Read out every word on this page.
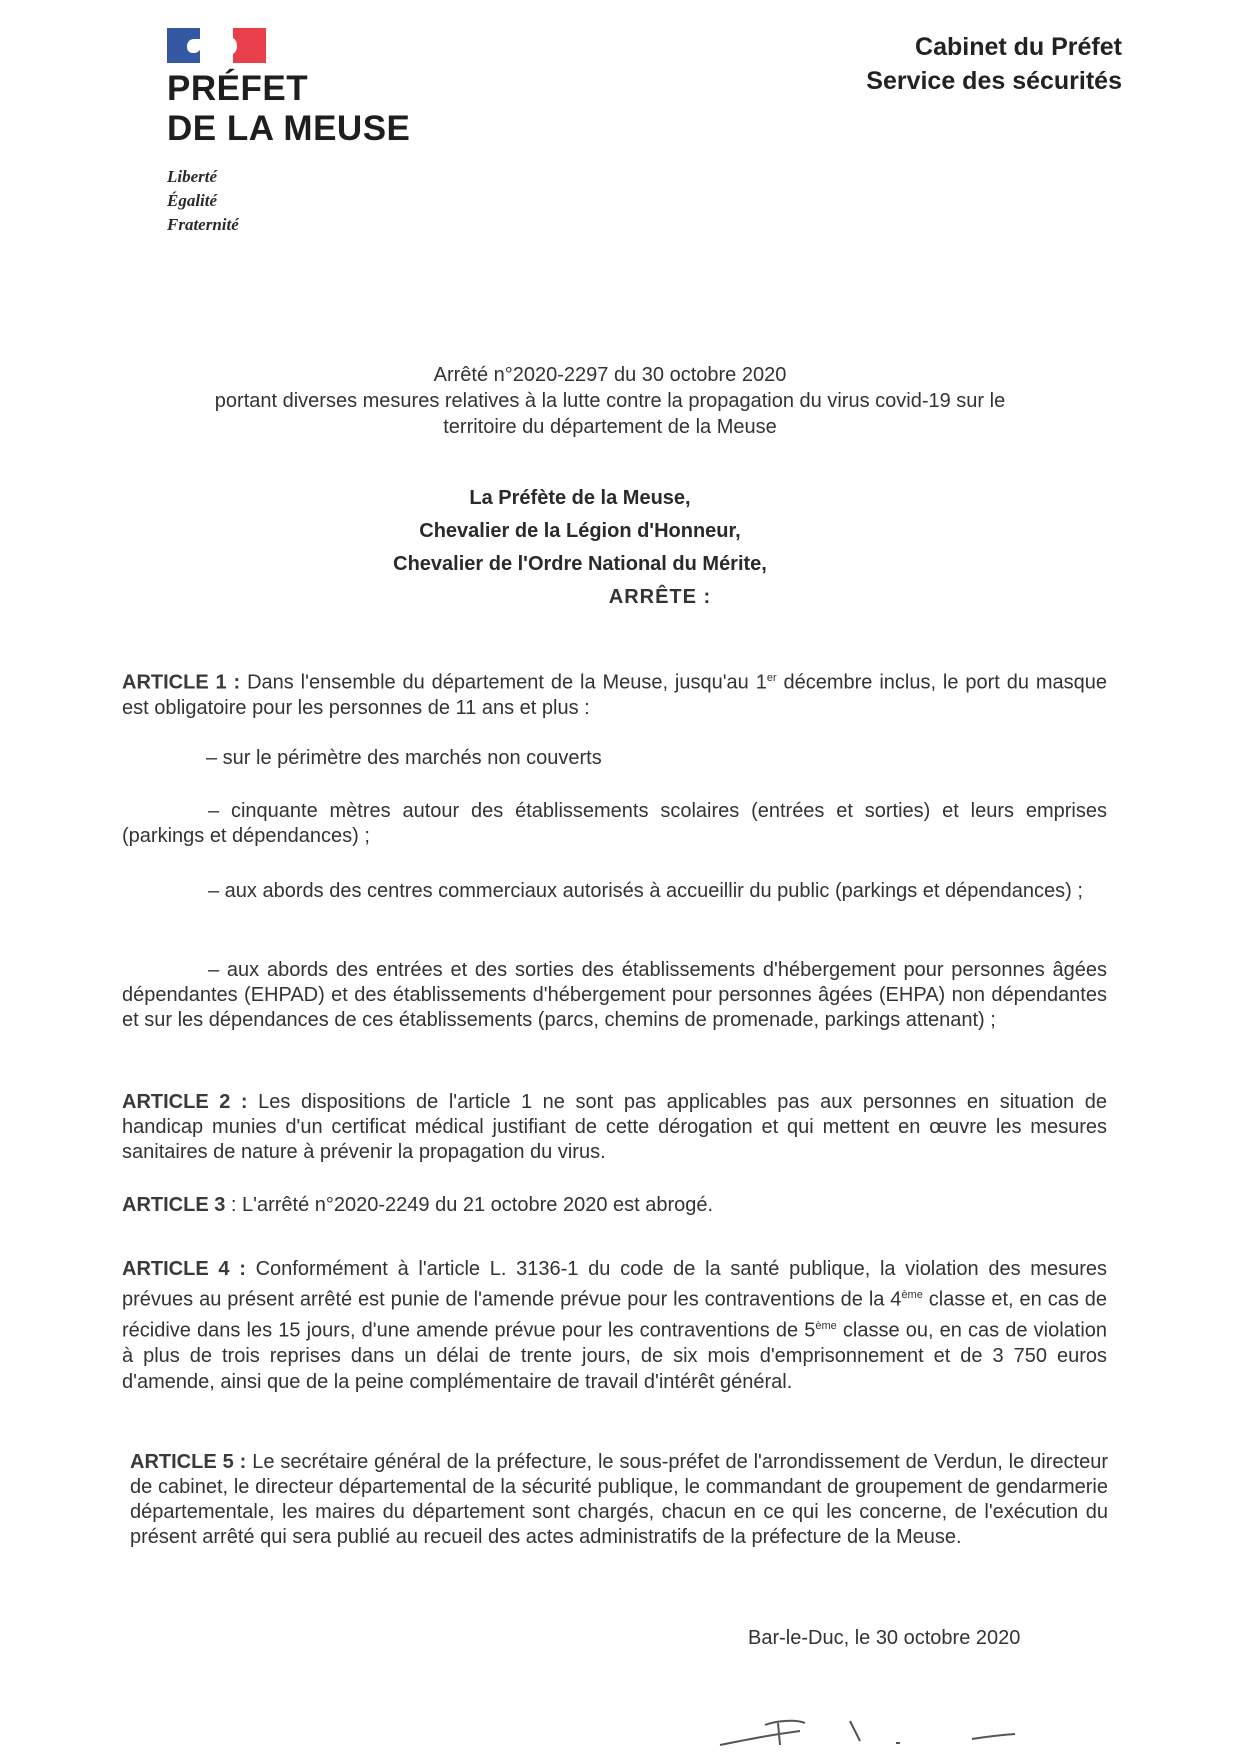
PRÉFET
DE LA MEUSE
Liberté
Égalité
Fraternité
Cabinet du Préfet
Service des sécurités
Arrêté n°2020-2297 du 30 octobre 2020
portant diverses mesures relatives à la lutte contre la propagation du virus covid-19 sur le
territoire du département de la Meuse
La Préfète de la Meuse,
Chevalier de la Légion d'Honneur,
Chevalier de l'Ordre National du Mérite,
ARRÊTE :
ARTICLE 1 : Dans l'ensemble du département de la Meuse, jusqu'au 1er décembre inclus, le port du masque est obligatoire pour les personnes de 11 ans et plus :
– sur le périmètre des marchés non couverts
– cinquante mètres autour des établissements scolaires (entrées et sorties) et leurs emprises (parkings et dépendances) ;
– aux abords des centres commerciaux autorisés à accueillir du public (parkings et dépendances) ;
– aux abords des entrées et des sorties des établissements d'hébergement pour personnes âgées dépendantes (EHPAD) et des établissements d'hébergement pour personnes âgées (EHPA) non dépendantes et sur les dépendances de ces établissements (parcs, chemins de promenade, parkings attenant) ;
ARTICLE 2 : Les dispositions de l'article 1 ne sont pas applicables pas aux personnes en situation de handicap munies d'un certificat médical justifiant de cette dérogation et qui mettent en œuvre les mesures sanitaires de nature à prévenir la propagation du virus.
ARTICLE 3 : L'arrêté n°2020-2249 du 21 octobre 2020 est abrogé.
ARTICLE 4 : Conformément à l'article L. 3136-1 du code de la santé publique, la violation des mesures prévues au présent arrêté est punie de l'amende prévue pour les contraventions de la 4ème classe et, en cas de récidive dans les 15 jours, d'une amende prévue pour les contraventions de 5ème classe ou, en cas de violation à plus de trois reprises dans un délai de trente jours, de six mois d'emprisonnement et de 3 750 euros d'amende, ainsi que de la peine complémentaire de travail d'intérêt général.
ARTICLE 5 : Le secrétaire général de la préfecture, le sous-préfet de l'arrondissement de Verdun, le directeur de cabinet, le directeur départemental de la sécurité publique, le commandant de groupement de gendarmerie départementale, les maires du département sont chargés, chacun en ce qui les concerne, de l'exécution du présent arrêté qui sera publié au recueil des actes administratifs de la préfecture de la Meuse.
Bar-le-Duc, le 30 octobre 2020
